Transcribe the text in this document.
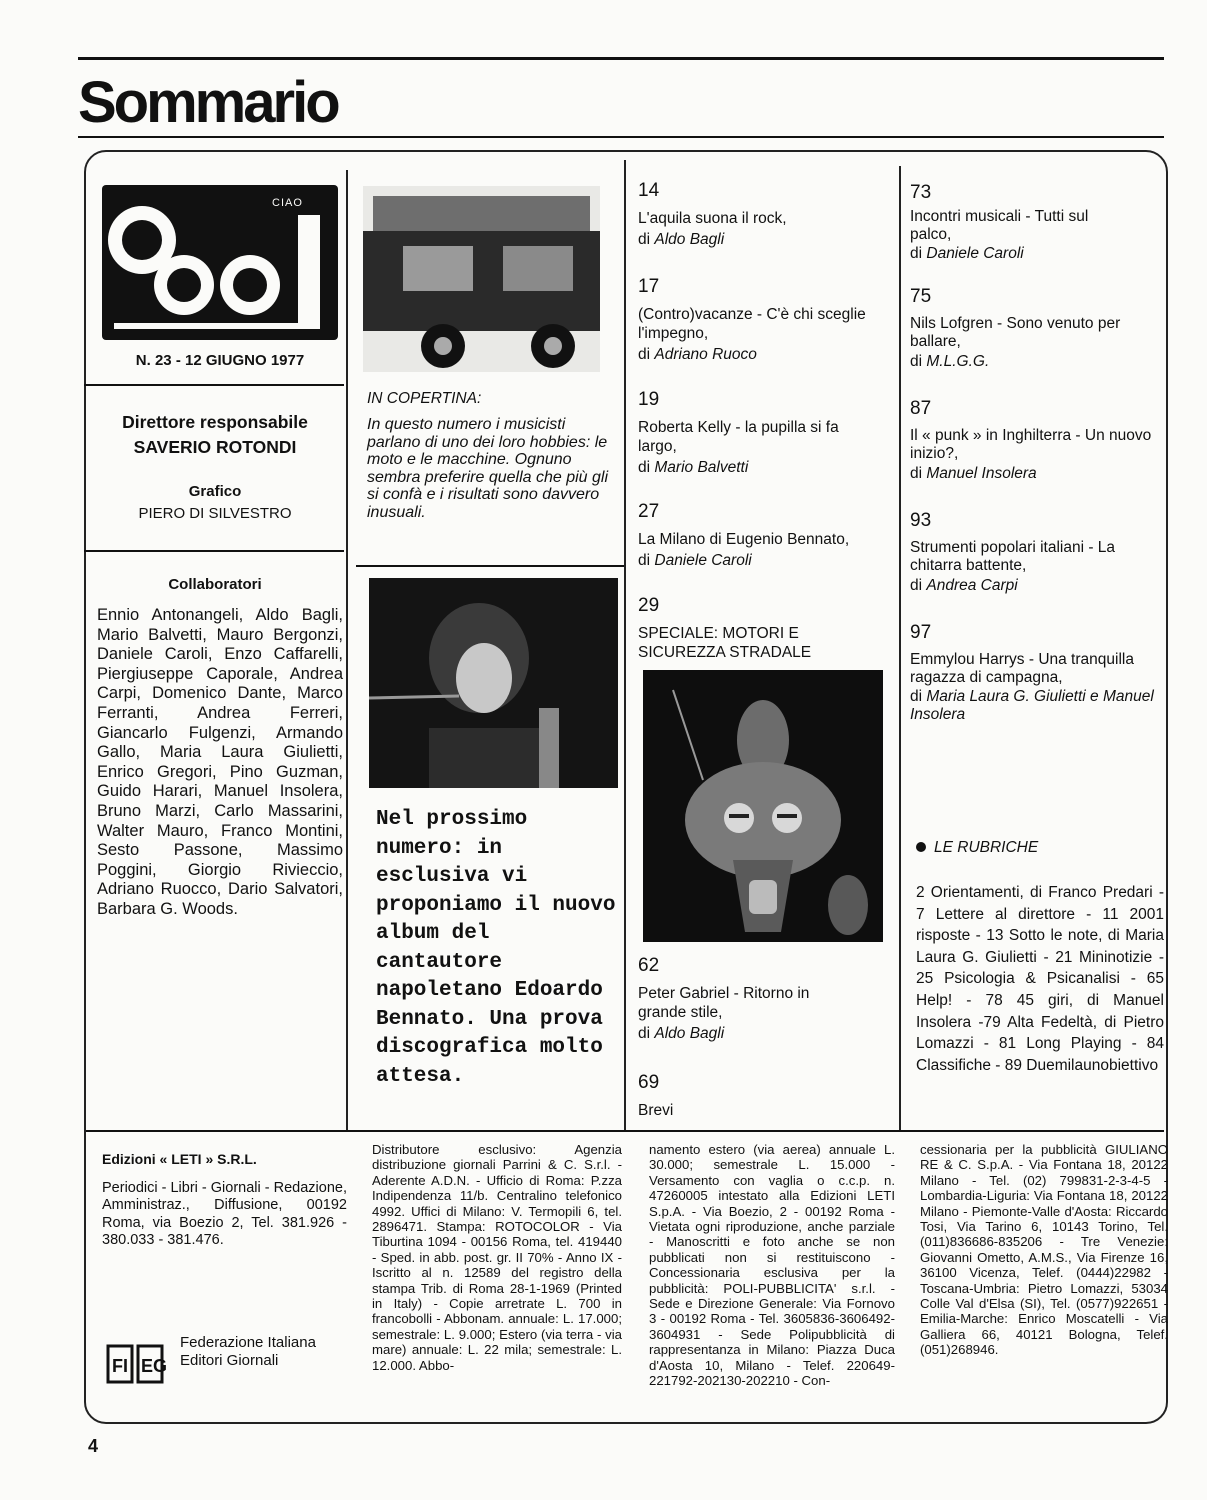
Sommario
CIAO
N. 23 - 12 GIUGNO 1977
Direttore responsabile
SAVERIO ROTONDI
Grafico
PIERO DI SILVESTRO
Collaboratori
Ennio Antonangeli, Aldo Bagli, Mario Balvetti, Mauro Bergonzi, Daniele Caroli, Enzo Caffarelli, Piergiuseppe Caporale, Andrea Carpi, Domenico Dante, Marco Ferranti, Andrea Ferreri, Giancarlo Fulgenzi, Armando Gallo, Maria Laura Giulietti, Enrico Gregori, Pino Guzman, Guido Harari, Manuel Insolera, Bruno Marzi, Carlo Massarini, Walter Mauro, Franco Montini, Sesto Passone, Massimo Poggini, Giorgio Rivieccio, Adriano Ruocco, Dario Salvatori, Barbara G. Woods.
IN COPERTINA:
In questo numero i musicisti parlano di uno dei loro hobbies: le moto e le macchine. Ognuno sembra preferire quella che più gli si confà e i risultati sono davvero inusuali.
Nel prossimo numero: in esclusiva vi proponiamo il nuovo album del cantautore napoletano Edoardo Bennato. Una prova discografica molto attesa.
14
L'aquila suona il rock,
di Aldo Bagli
17
(Contro)vacanze - C'è chi sceglie l'impegno,
di Adriano Ruoco
19
Roberta Kelly - la pupilla si fa largo,
di Mario Balvetti
27
La Milano di Eugenio Bennato,
di Daniele Caroli
29
SPECIALE: MOTORI E SICUREZZA STRADALE
62
Peter Gabriel - Ritorno in grande stile,
di Aldo Bagli
69
Brevi
73
Incontri musicali - Tutti sul palco,
di Daniele Caroli
75
Nils Lofgren - Sono venuto per ballare,
di M.L.G.G.
87
Il « punk » in Inghilterra - Un nuovo inizio?,
di Manuel Insolera
93
Strumenti popolari italiani - La chitarra battente,
di Andrea Carpi
97
Emmylou Harrys - Una tranquilla ragazza di campagna,
di Maria Laura G. Giulietti e Manuel Insolera
LE RUBRICHE
2 Orientamenti, di Franco Predari - 7 Lettere al direttore - 11 2001 risposte - 13 Sotto le note, di Maria Laura G. Giulietti - 21 Mininotizie - 25 Psicologia & Psicanalisi - 65 Help! - 78 45 giri, di Manuel Insolera -79 Alta Fedeltà, di Pietro Lomazzi - 81 Long Playing - 84 Classifiche - 89 Duemilaunobiettivo
Edizioni « LETI » S.R.L.
Periodici - Libri - Giornali - Redazione, Amministraz., Diffusione, 00192 Roma, via Boezio 2, Tel. 381.926 - 380.033 - 381.476.
FI EG
Federazione Italiana Editori Giornali
Distributore esclusivo: Agenzia distribuzione giornali Parrini & C. S.r.l. - Aderente A.D.N. - Ufficio di Roma: P.zza Indipendenza 11/b. Centralino telefonico 4992. Uffici di Milano: V. Termopili 6, tel. 2896471. Stampa: ROTOCOLOR - Via Tiburtina 1094 - 00156 Roma, tel. 419440 - Sped. in abb. post. gr. II 70% - Anno IX - Iscritto al n. 12589 del registro della stampa Trib. di Roma 28-1-1969 (Printed in Italy) - Copie arretrate L. 700 in francobolli - Abbonam. annuale: L. 17.000; semestrale: L. 9.000; Estero (via terra - via mare) annuale: L. 22 mila; semestrale: L. 12.000. Abbo-
namento estero (via aerea) annuale L. 30.000; semestrale L. 15.000 - Versamento con vaglia o c.c.p. n. 47260005 intestato alla Edizioni LETI S.p.A. - Via Boezio, 2 - 00192 Roma - Vietata ogni riproduzione, anche parziale - Manoscritti e foto anche se non pubblicati non si restituiscono - Concessionaria esclusiva per la pubblicità: POLI-PUBBLICITA' s.r.l. - Sede e Direzione Generale: Via Fornovo 3 - 00192 Roma - Tel. 3605836-3606492-3604931 - Sede Polipubblicità di rappresentanza in Milano: Piazza Duca d'Aosta 10, Milano - Telef. 220649-221792-202130-202210 - Con-
cessionaria per la pubblicità GIULIANO RE & C. S.p.A. - Via Fontana 18, 20122 Milano - Tel. (02) 799831-2-3-4-5 - Lombardia-Liguria: Via Fontana 18, 20122 Milano - Piemonte-Valle d'Aosta: Riccardo Tosi, Via Tarino 6, 10143 Torino, Tel. (011)836686-835206 - Tre Venezie: Giovanni Ometto, A.M.S., Via Firenze 16, 36100 Vicenza, Telef. (0444)22982 - Toscana-Umbria: Pietro Lomazzi, 53034 Colle Val d'Elsa (SI), Tel. (0577)922651 - Emilia-Marche: Enrico Moscatelli - Via Galliera 66, 40121 Bologna, Telef. (051)268946.
4
